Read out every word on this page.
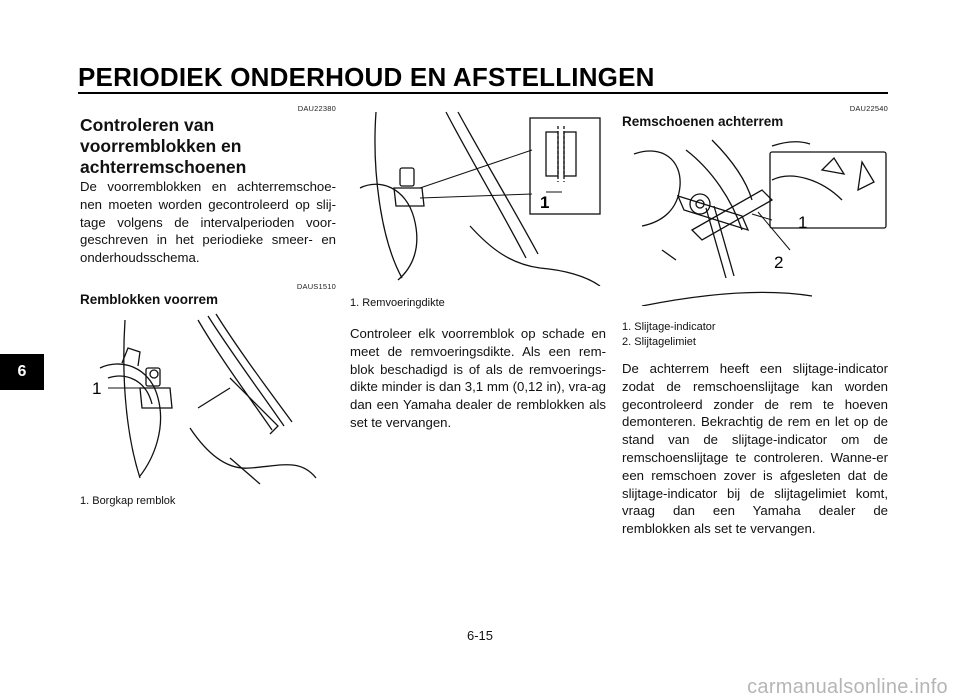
PERIODIEK ONDERHOUD EN AFSTELLINGEN
6
DAU22380
Controleren van
voorremblokken en
achterremschoenen

De voorremblokken en achterremschoe-nen moeten worden gecontroleerd op slij-tage volgens de intervalperioden voor-geschreven in het periodieke smeer- en onderhoudsschema.

DAUS1510
Remblokken voorrem
1
1. Borgkap remblok
1
1. Remvoeringdikte

Controleer elk voorremblok op schade en meet de remvoeringsdikte. Als een rem-blok beschadigd is of als de remvoerings-dikte minder is dan 3,1 mm (0,12 in), vra-ag dan een Yamaha dealer de remblokken als set te vervangen.

DAU22540
Remschoenen achterrem
1
2
1. Slijtage-indicator
2. Slijtagelimiet

De achterrem heeft een slijtage-indicator zodat de remschoenslijtage kan worden gecontroleerd zonder de rem te hoeven demonteren. Bekrachtig de rem en let op de stand van de slijtage-indicator om de remschoenslijtage te controleren. Wanne-er een remschoen zover is afgesleten dat de slijtage-indicator bij de slijtagelimiet komt, vraag dan een Yamaha dealer de remblokken als set te vervangen.

6-15
carmanualsonline.info
